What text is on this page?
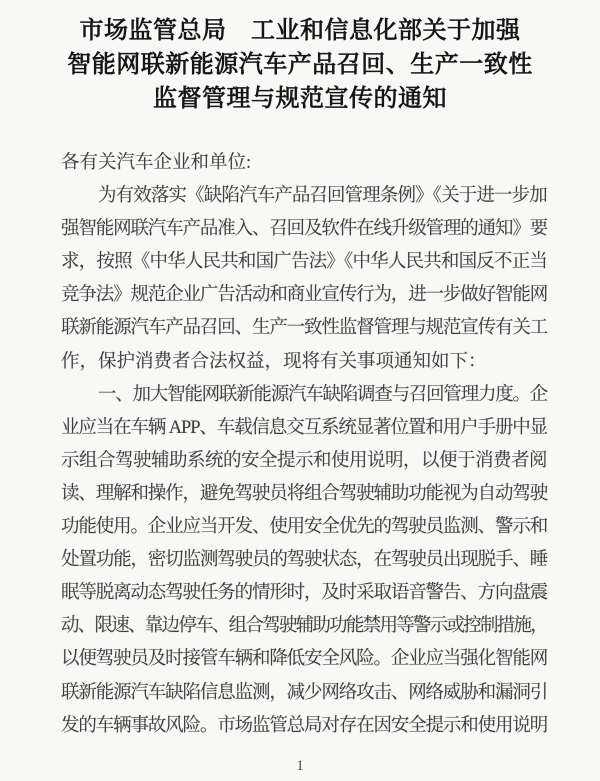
市场监管总局　工业和信息化部关于加强
智能网联新能源汽车产品召回、生产一致性
监督管理与规范宣传的通知
各有关汽车企业和单位:
为有效落实《缺陷汽车产品召回管理条例》《关于进一步加
强智能网联汽车产品准入、召回及软件在线升级管理的通知》要
求，按照《中华人民共和国广告法》《中华人民共和国反不正当
竞争法》规范企业广告活动和商业宣传行为，进一步做好智能网
联新能源汽车产品召回、生产一致性监督管理与规范宣传有关工
作，保护消费者合法权益，现将有关事项通知如下：
一、加大智能网联新能源汽车缺陷调查与召回管理力度。企
业应当在车辆 APP、车载信息交互系统显著位置和用户手册中显
示组合驾驶辅助系统的安全提示和使用说明，以便于消费者阅
读、理解和操作，避免驾驶员将组合驾驶辅助功能视为自动驾驶
功能使用。企业应当开发、使用安全优先的驾驶员监测、警示和
处置功能，密切监测驾驶员的驾驶状态，在驾驶员出现脱手、睡
眠等脱离动态驾驶任务的情形时，及时采取语音警告、方向盘震
动、限速、靠边停车、组合驾驶辅助功能禁用等警示或控制措施，
以便驾驶员及时接管车辆和降低安全风险。企业应当强化智能网
联新能源汽车缺陷信息监测，减少网络攻击、网络威胁和漏洞引
发的车辆事故风险。市场监管总局对存在因安全提示和使用说明
1
